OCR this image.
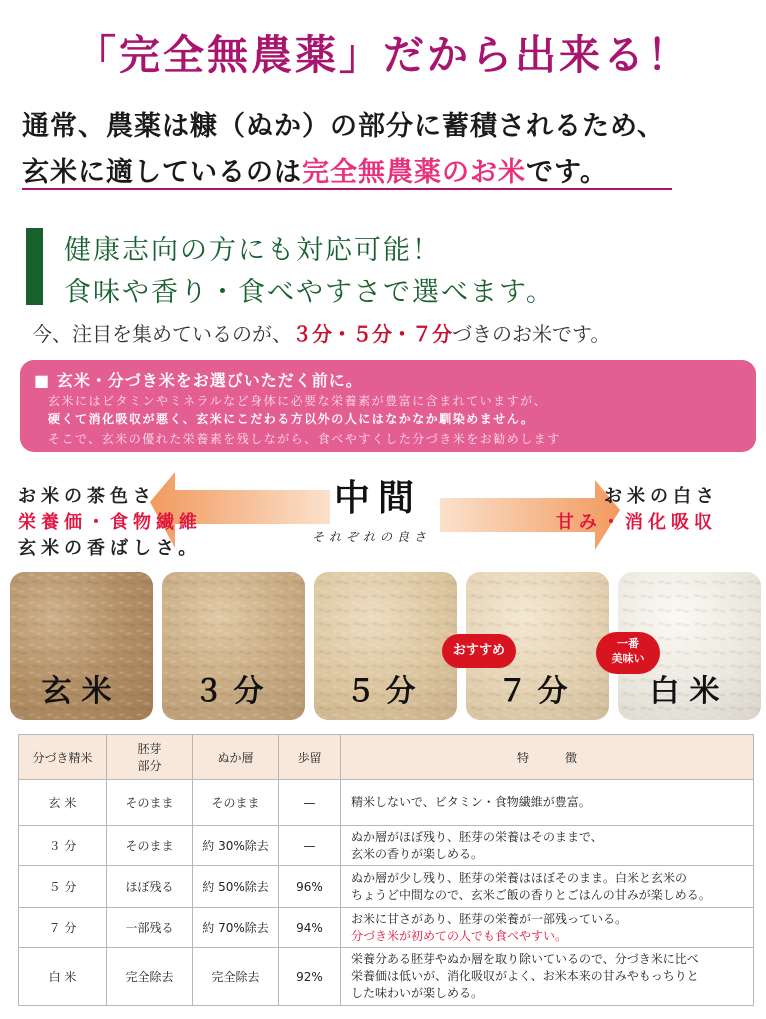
「完全無農薬」だから出来る！
通常、農薬は糠（ぬか）の部分に蓄積されるため、
玄米に適しているのは完全無農薬のお米です。
健康志向の方にも対応可能！
食味や香り・食べやすさで選べます。
今、注目を集めているのが、３分・５分・７分づきのお米です。
■ 玄米・分づき米をお選びいただく前に。
玄米にはビタミンやミネラルなど身体に必要な栄養素が豊富に含まれていますが、
硬くて消化吸収が悪く、玄米にこだわる方以外の人にはなかなか馴染めません。
そこで、玄米の優れた栄養素を残しながら、食べやすくした分づき米をお勧めします
お米の茶色さ
栄養価・食物繊維
玄米の香ばしさ。
中間
それぞれの良さ
お米の白さ
甘み・消化吸収
玄米	３分	５分	７分	白米
おすすめ	一番
美味い
分づき精米	胚芽
部分	ぬか層	歩留	特　　　徴
玄 米	そのまま	そのまま	—	精米しないで、ビタミン・食物繊維が豊富。

３ 分	そのまま	約 30%除去	—	ぬか層がほぼ残り、胚芽の栄養はそのままで、
玄米の香りが楽しめる。

５ 分	ほぼ残る	約 50%除去	96%	ぬか層が少し残り、胚芽の栄養はほぼそのまま。白米と玄米の
ちょうど中間なので、玄米ご飯の香りとごはんの甘みが楽しめる。

７ 分	一部残る	約 70%除去	94%	お米に甘さがあり、胚芽の栄養が一部残っている。
分づき米が初めての人でも食べやすい。

白 米	完全除去	完全除去	92%	栄養分ある胚芽やぬか層を取り除いているので、分づき米に比べ
栄養価は低いが、消化吸収がよく、お米本来の甘みやもっちりと
した味わいが楽しめる。
